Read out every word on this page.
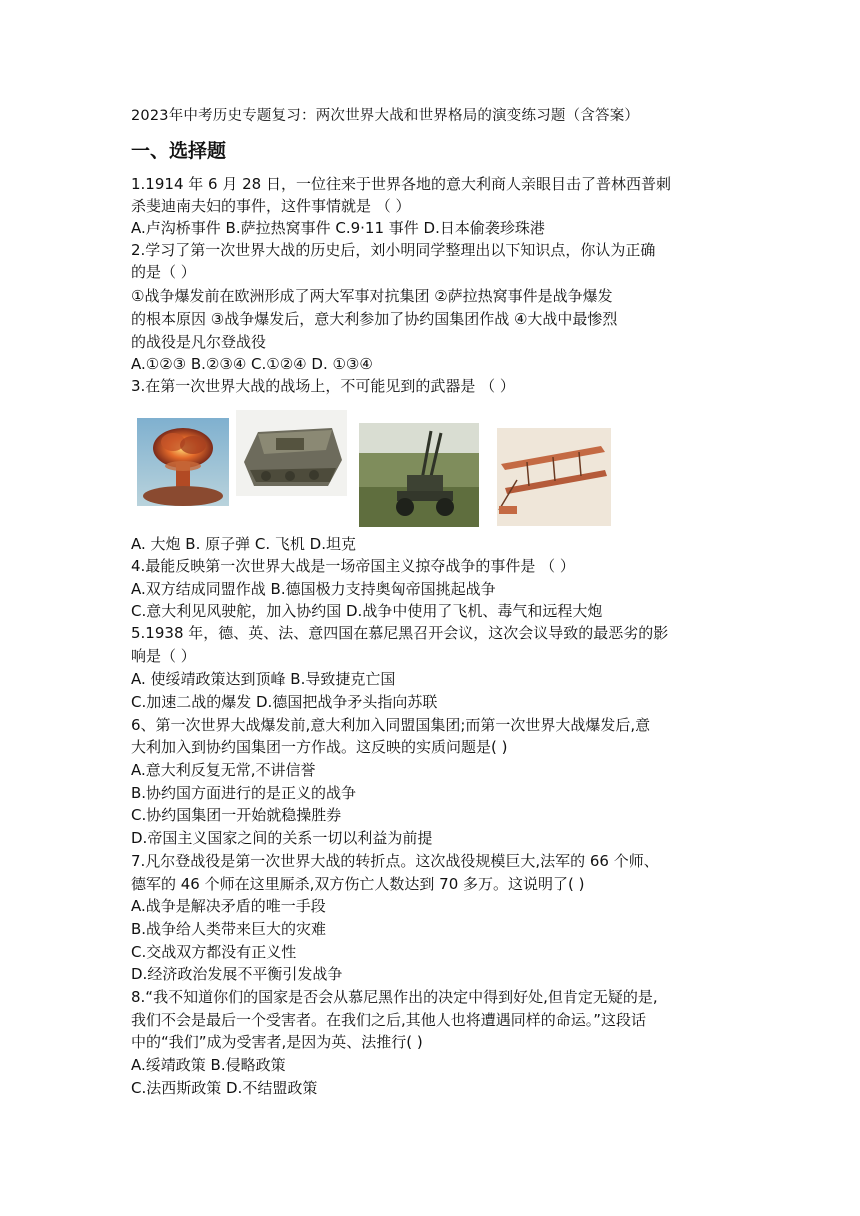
2023年中考历史专题复习：两次世界大战和世界格局的演变练习题（含答案）
一、选择题
1.1914 年 6 月 28 日，一位往来于世界各地的意大利商人亲眼目击了普林西普刺
杀斐迪南夫妇的事件，这件事情就是 （ ）
A.卢沟桥事件 B.萨拉热窝事件 C.9·11 事件 D.日本偷袭珍珠港
2.学习了第一次世界大战的历史后，刘小明同学整理出以下知识点，你认为正确
的是（ ）
①战争爆发前在欧洲形成了两大军事对抗集团 ②萨拉热窝事件是战争爆发
的根本原因 ③战争爆发后，意大利参加了协约国集团作战 ④大战中最惨烈
的战役是凡尔登战役
A.①②③ B.②③④ C.①②④ D. ①③④
3.在第一次世界大战的战场上，不可能见到的武器是 （ ）
A. 大炮 B. 原子弹 C. 飞机 D.坦克
4.最能反映第一次世界大战是一场帝国主义掠夺战争的事件是 （ ）
A.双方结成同盟作战 B.德国极力支持奥匈帝国挑起战争
C.意大利见风驶舵，加入协约国 D.战争中使用了飞机、毒气和远程大炮
5.1938 年，德、英、法、意四国在慕尼黑召开会议，这次会议导致的最恶劣的影
响是（ ）
A. 使绥靖政策达到顶峰 B.导致捷克亡国
C.加速二战的爆发 D.德国把战争矛头指向苏联
6、第一次世界大战爆发前,意大利加入同盟国集团;而第一次世界大战爆发后,意
大利加入到协约国集团一方作战。这反映的实质问题是( )
A.意大利反复无常,不讲信誉
B.协约国方面进行的是正义的战争
C.协约国集团一开始就稳操胜券
D.帝国主义国家之间的关系一切以利益为前提
7.凡尔登战役是第一次世界大战的转折点。这次战役规模巨大,法军的 66 个师、
德军的 46 个师在这里厮杀,双方伤亡人数达到 70 多万。这说明了( )
A.战争是解决矛盾的唯一手段
B.战争给人类带来巨大的灾难
C.交战双方都没有正义性
D.经济政治发展不平衡引发战争
8.“我不知道你们的国家是否会从慕尼黑作出的决定中得到好处,但肯定无疑的是,
我们不会是最后一个受害者。在我们之后,其他人也将遭遇同样的命运。”这段话
中的“我们”成为受害者,是因为英、法推行( )
A.绥靖政策 B.侵略政策
C.法西斯政策 D.不结盟政策
